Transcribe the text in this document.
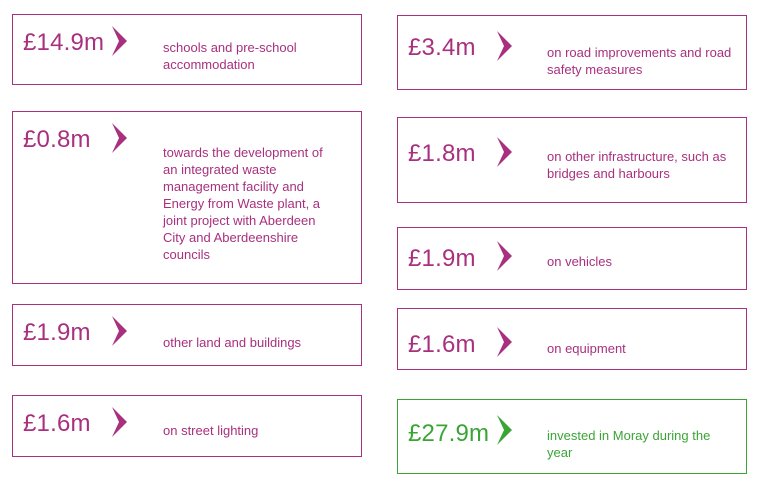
£14.9m	schools and pre-school accommodation
£0.8m	towards the development of an integrated waste management facility and Energy from Waste plant, a joint project with Aberdeen City and Aberdeenshire councils
£1.9m	other land and buildings
£1.6m	on street lighting
£3.4m	on road improvements and road safety measures
£1.8m	on other infrastructure, such as bridges and harbours
£1.9m	on vehicles
£1.6m	on equipment
£27.9m	invested in Moray during the year
